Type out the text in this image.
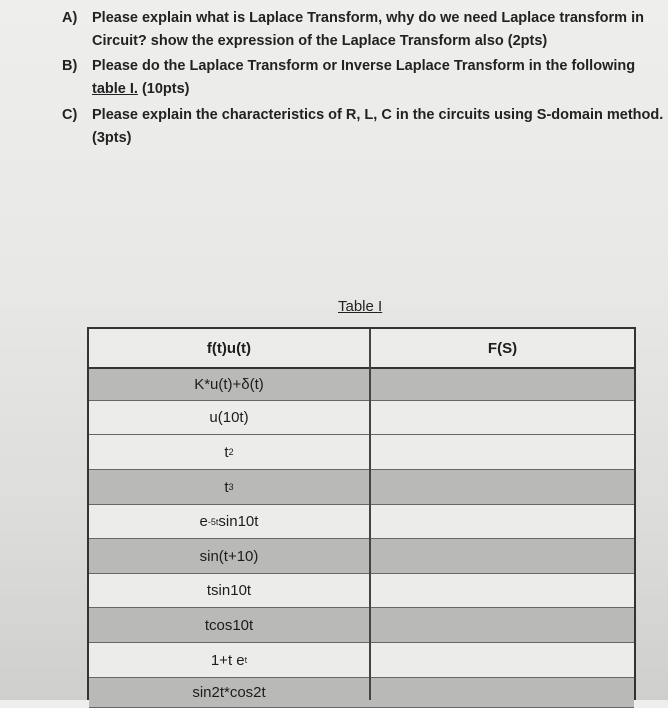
A) Please explain what is Laplace Transform, why do we need Laplace transform in
Circuit? show the expression of the Laplace Transform also (2pts)
B) Please do the Laplace Transform or Inverse Laplace Transform in the following
table I. (10pts)
C) Please explain the characteristics of R, L, C in the circuits using S-domain method.
(3pts)
Table I
f(t)u(t)	F(S)
K*u(t)+δ(t)
u(10t)
t 2
t 3
e -5t sin10t
sin(t+10)
tsin10t
tcos10t
1+t e t
sin2t*cos2t
